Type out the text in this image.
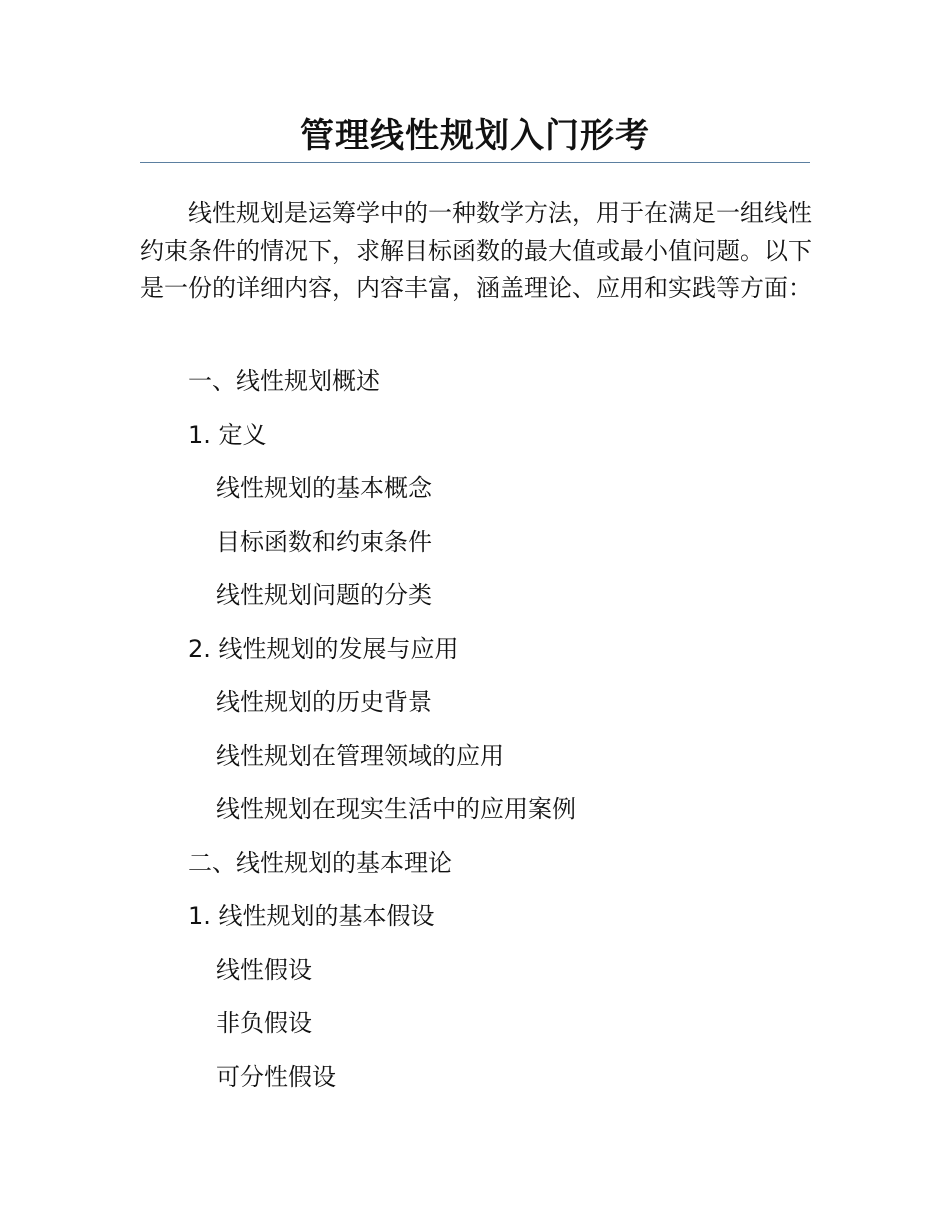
管理线性规划入门形考

线性规划是运筹学中的一种数学方法，用于在满足一组线性约束条件的情况下，求解目标函数的最大值或最小值问题。以下是一份的详细内容，内容丰富，涵盖理论、应用和实践等方面：

一、线性规划概述

1. 定义

线性规划的基本概念

目标函数和约束条件

线性规划问题的分类

2. 线性规划的发展与应用

线性规划的历史背景

线性规划在管理领域的应用

线性规划在现实生活中的应用案例

二、线性规划的基本理论

1. 线性规划的基本假设

线性假设

非负假设

可分性假设
